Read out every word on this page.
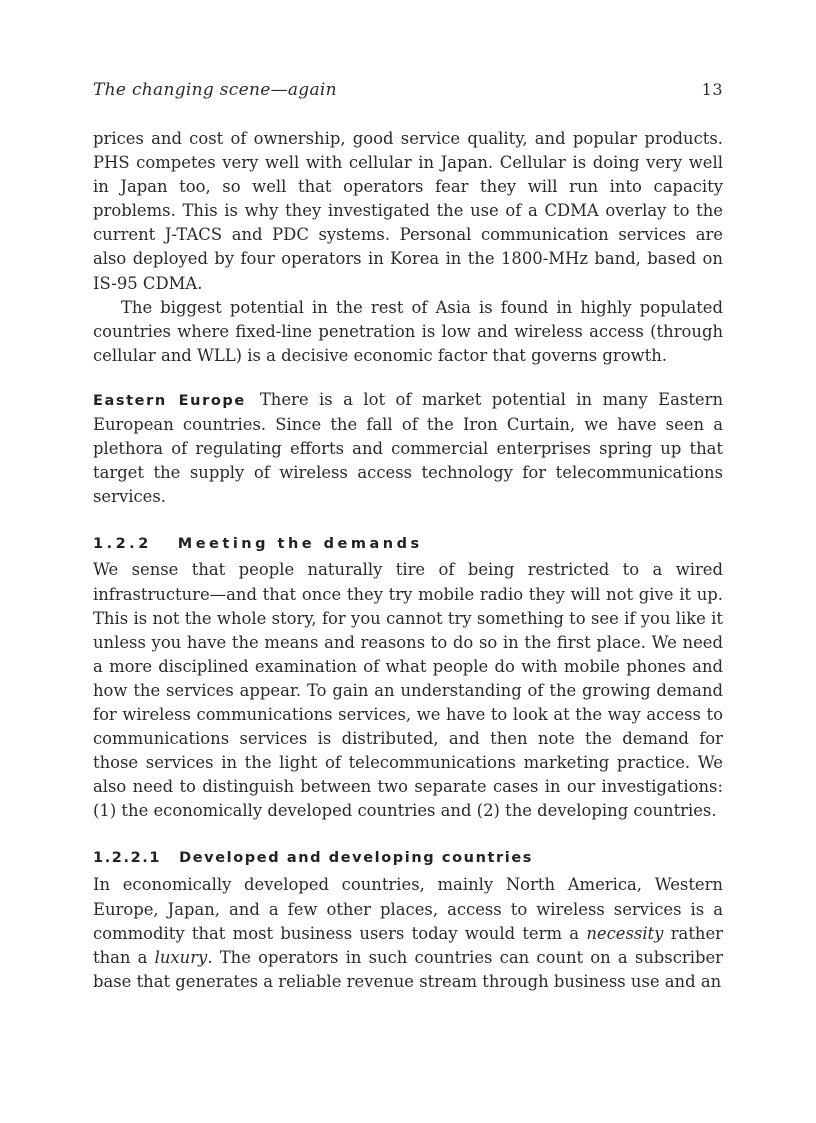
The changing scene—again	13

prices and cost of ownership, good service quality, and popular products. PHS competes very well with cellular in Japan. Cellular is doing very well in Japan too, so well that operators fear they will run into capacity problems. This is why they investigated the use of a CDMA overlay to the current J-TACS and PDC systems. Personal communication services are also deployed by four operators in Korea in the 1800-MHz band, based on IS-95 CDMA.

The biggest potential in the rest of Asia is found in highly populated countries where fixed-line penetration is low and wireless access (through cellular and WLL) is a decisive economic factor that governs growth.

Eastern Europe There is a lot of market potential in many Eastern European countries. Since the fall of the Iron Curtain, we have seen a plethora of regulating efforts and commercial enterprises spring up that target the supply of wireless access technology for telecommunications services.

1.2.2 Meeting the demands

We sense that people naturally tire of being restricted to a wired infrastructure—and that once they try mobile radio they will not give it up. This is not the whole story, for you cannot try something to see if you like it unless you have the means and reasons to do so in the first place. We need a more disciplined examination of what people do with mobile phones and how the services appear. To gain an understanding of the growing demand for wireless communications services, we have to look at the way access to communications services is distributed, and then note the demand for those services in the light of telecommunications marketing practice. We also need to distinguish between two separate cases in our investigations: (1) the economically developed countries and (2) the developing countries.

1.2.2.1 Developed and developing countries

In economically developed countries, mainly North America, Western Europe, Japan, and a few other places, access to wireless services is a commodity that most business users today would term a necessity rather than a luxury. The operators in such countries can count on a subscriber base that generates a reliable revenue stream through business use and an
